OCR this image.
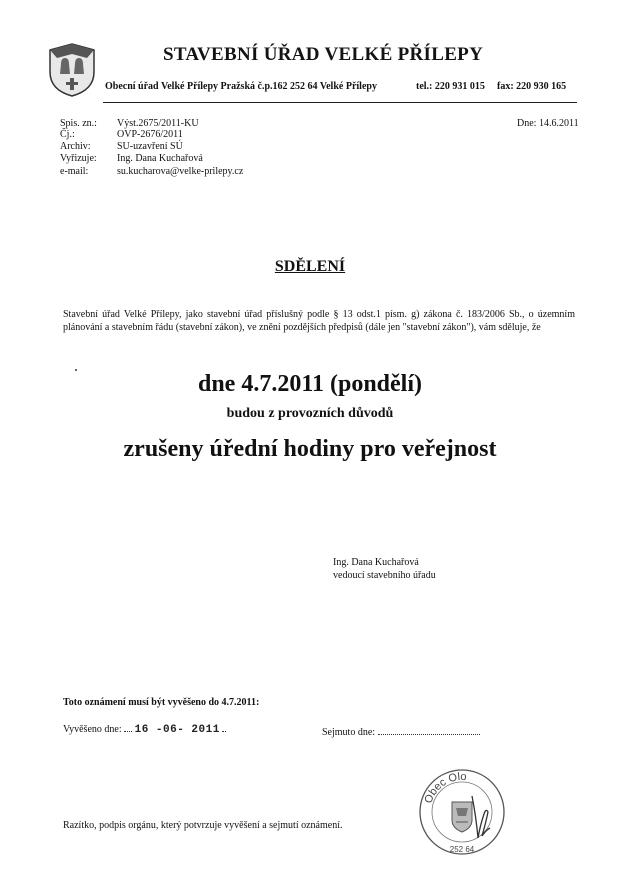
STAVEBNÍ ÚŘAD VELKÉ PŘÍLEPY
Obecní úřad Velké Přílepy Pražská č.p.162 252 64 Velké Přílepy	tel.: 220 931 015 fax: 220 930 165
Spis. zn.: Výst.2675/2011-KU
Čj.:	OVP-2676/2011
Archiv:	SU-uzavření SÚ
Vyřizuje: Ing. Dana Kuchařová
e-mail:	su.kucharova@velke-prilepy.cz
Dne: 14.6.2011
SDĚLENÍ
Stavební úřad Velké Přílepy, jako stavební úřad příslušný podle § 13 odst.1 písm. g) zákona č. 183/2006 Sb., o územním plánování a stavebním řádu (stavební zákon), ve znění pozdějších předpisů (dále jen "stavební zákon"), vám sděluje, že
dne 4.7.2011 (pondělí)
budou z provozních důvodů
zrušeny úřední hodiny pro veřejnost
Ing. Dana Kuchařová
vedoucí stavebního úřadu
Toto oznámení musí být vyvěšeno do 4.7.2011:
Vyvěšeno dne: 16 -06- 2011	Sejmuto dne:
Razítko, podpis orgánu, který potvrzuje vyvěšení a sejmutí oznámení.
Obec Olo
252 64
